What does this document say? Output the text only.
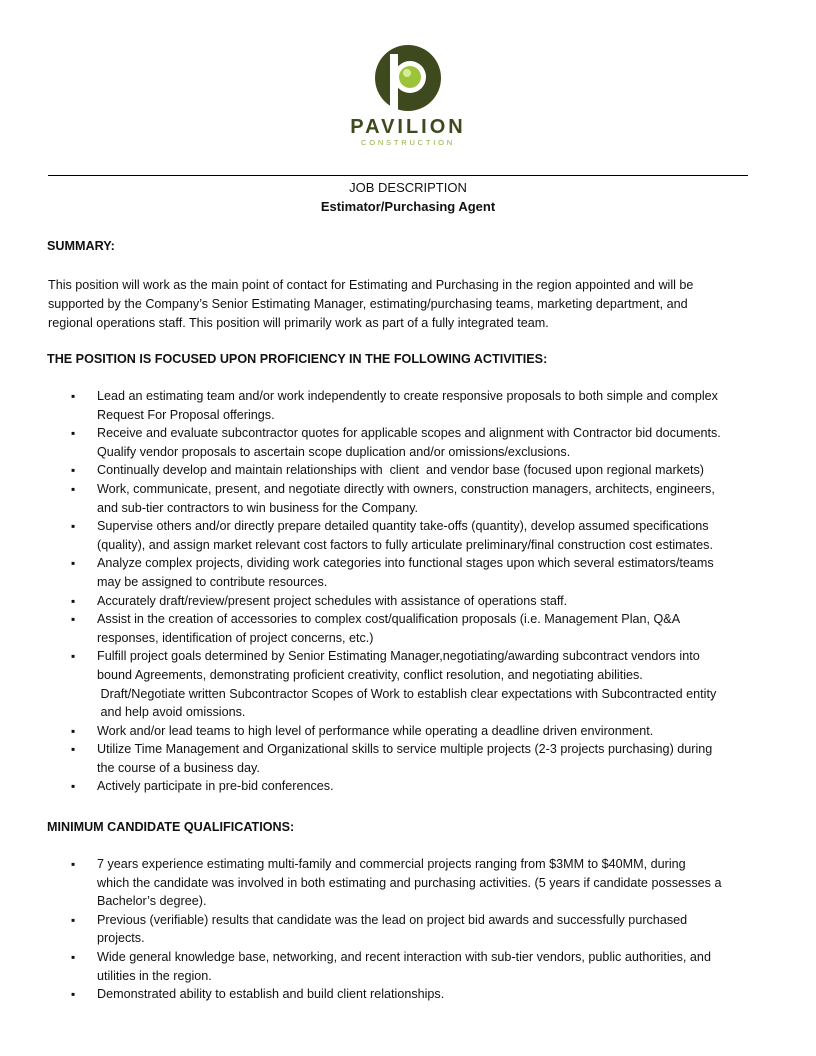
PAVILION
CONSTRUCTION
JOB DESCRIPTION
Estimator/Purchasing Agent
SUMMARY:
This position will work as the main point of contact for Estimating and Purchasing in the region appointed and will be
supported by the Company’s Senior Estimating Manager, estimating/purchasing teams, marketing department, and
regional operations staff. This position will primarily work as part of a fully integrated team.
THE POSITION IS FOCUSED UPON PROFICIENCY IN THE FOLLOWING ACTIVITIES:
▪ Lead an estimating team and/or work independently to create responsive proposals to both simple and complex
Request For Proposal offerings.
▪ Receive and evaluate subcontractor quotes for applicable scopes and alignment with Contractor bid documents.
Qualify vendor proposals to ascertain scope duplication and/or omissions/exclusions.
▪ Continually develop and maintain relationships with  client  and vendor base (focused upon regional markets)
▪ Work, communicate, present, and negotiate directly with owners, construction managers, architects, engineers,
and sub-tier contractors to win business for the Company.
▪ Supervise others and/or directly prepare detailed quantity take-offs (quantity), develop assumed specifications
(quality), and assign market relevant cost factors to fully articulate preliminary/final construction cost estimates.
▪ Analyze complex projects, dividing work categories into functional stages upon which several estimators/teams
may be assigned to contribute resources.
▪ Accurately draft/review/present project schedules with assistance of operations staff.
▪ Assist in the creation of accessories to complex cost/qualification proposals (i.e. Management Plan, Q&A
responses, identification of project concerns, etc.)
▪ Fulfill project goals determined by Senior Estimating Manager,negotiating/awarding subcontract vendors into
bound Agreements, demonstrating proficient creativity, conflict resolution, and negotiating abilities.
Draft/Negotiate written Subcontractor Scopes of Work to establish clear expectations with Subcontracted entity
and help avoid omissions.
▪ Work and/or lead teams to high level of performance while operating a deadline driven environment.
▪ Utilize Time Management and Organizational skills to service multiple projects (2-3 projects purchasing) during
the course of a business day.
▪ Actively participate in pre-bid conferences.
MINIMUM CANDIDATE QUALIFICATIONS:
▪ 7 years experience estimating multi-family and commercial projects ranging from $3MM to $40MM, during
which the candidate was involved in both estimating and purchasing activities. (5 years if candidate possesses a
Bachelor’s degree).
▪ Previous (verifiable) results that candidate was the lead on project bid awards and successfully purchased
projects.
▪ Wide general knowledge base, networking, and recent interaction with sub-tier vendors, public authorities, and
utilities in the region.
▪ Demonstrated ability to establish and build client relationships.
